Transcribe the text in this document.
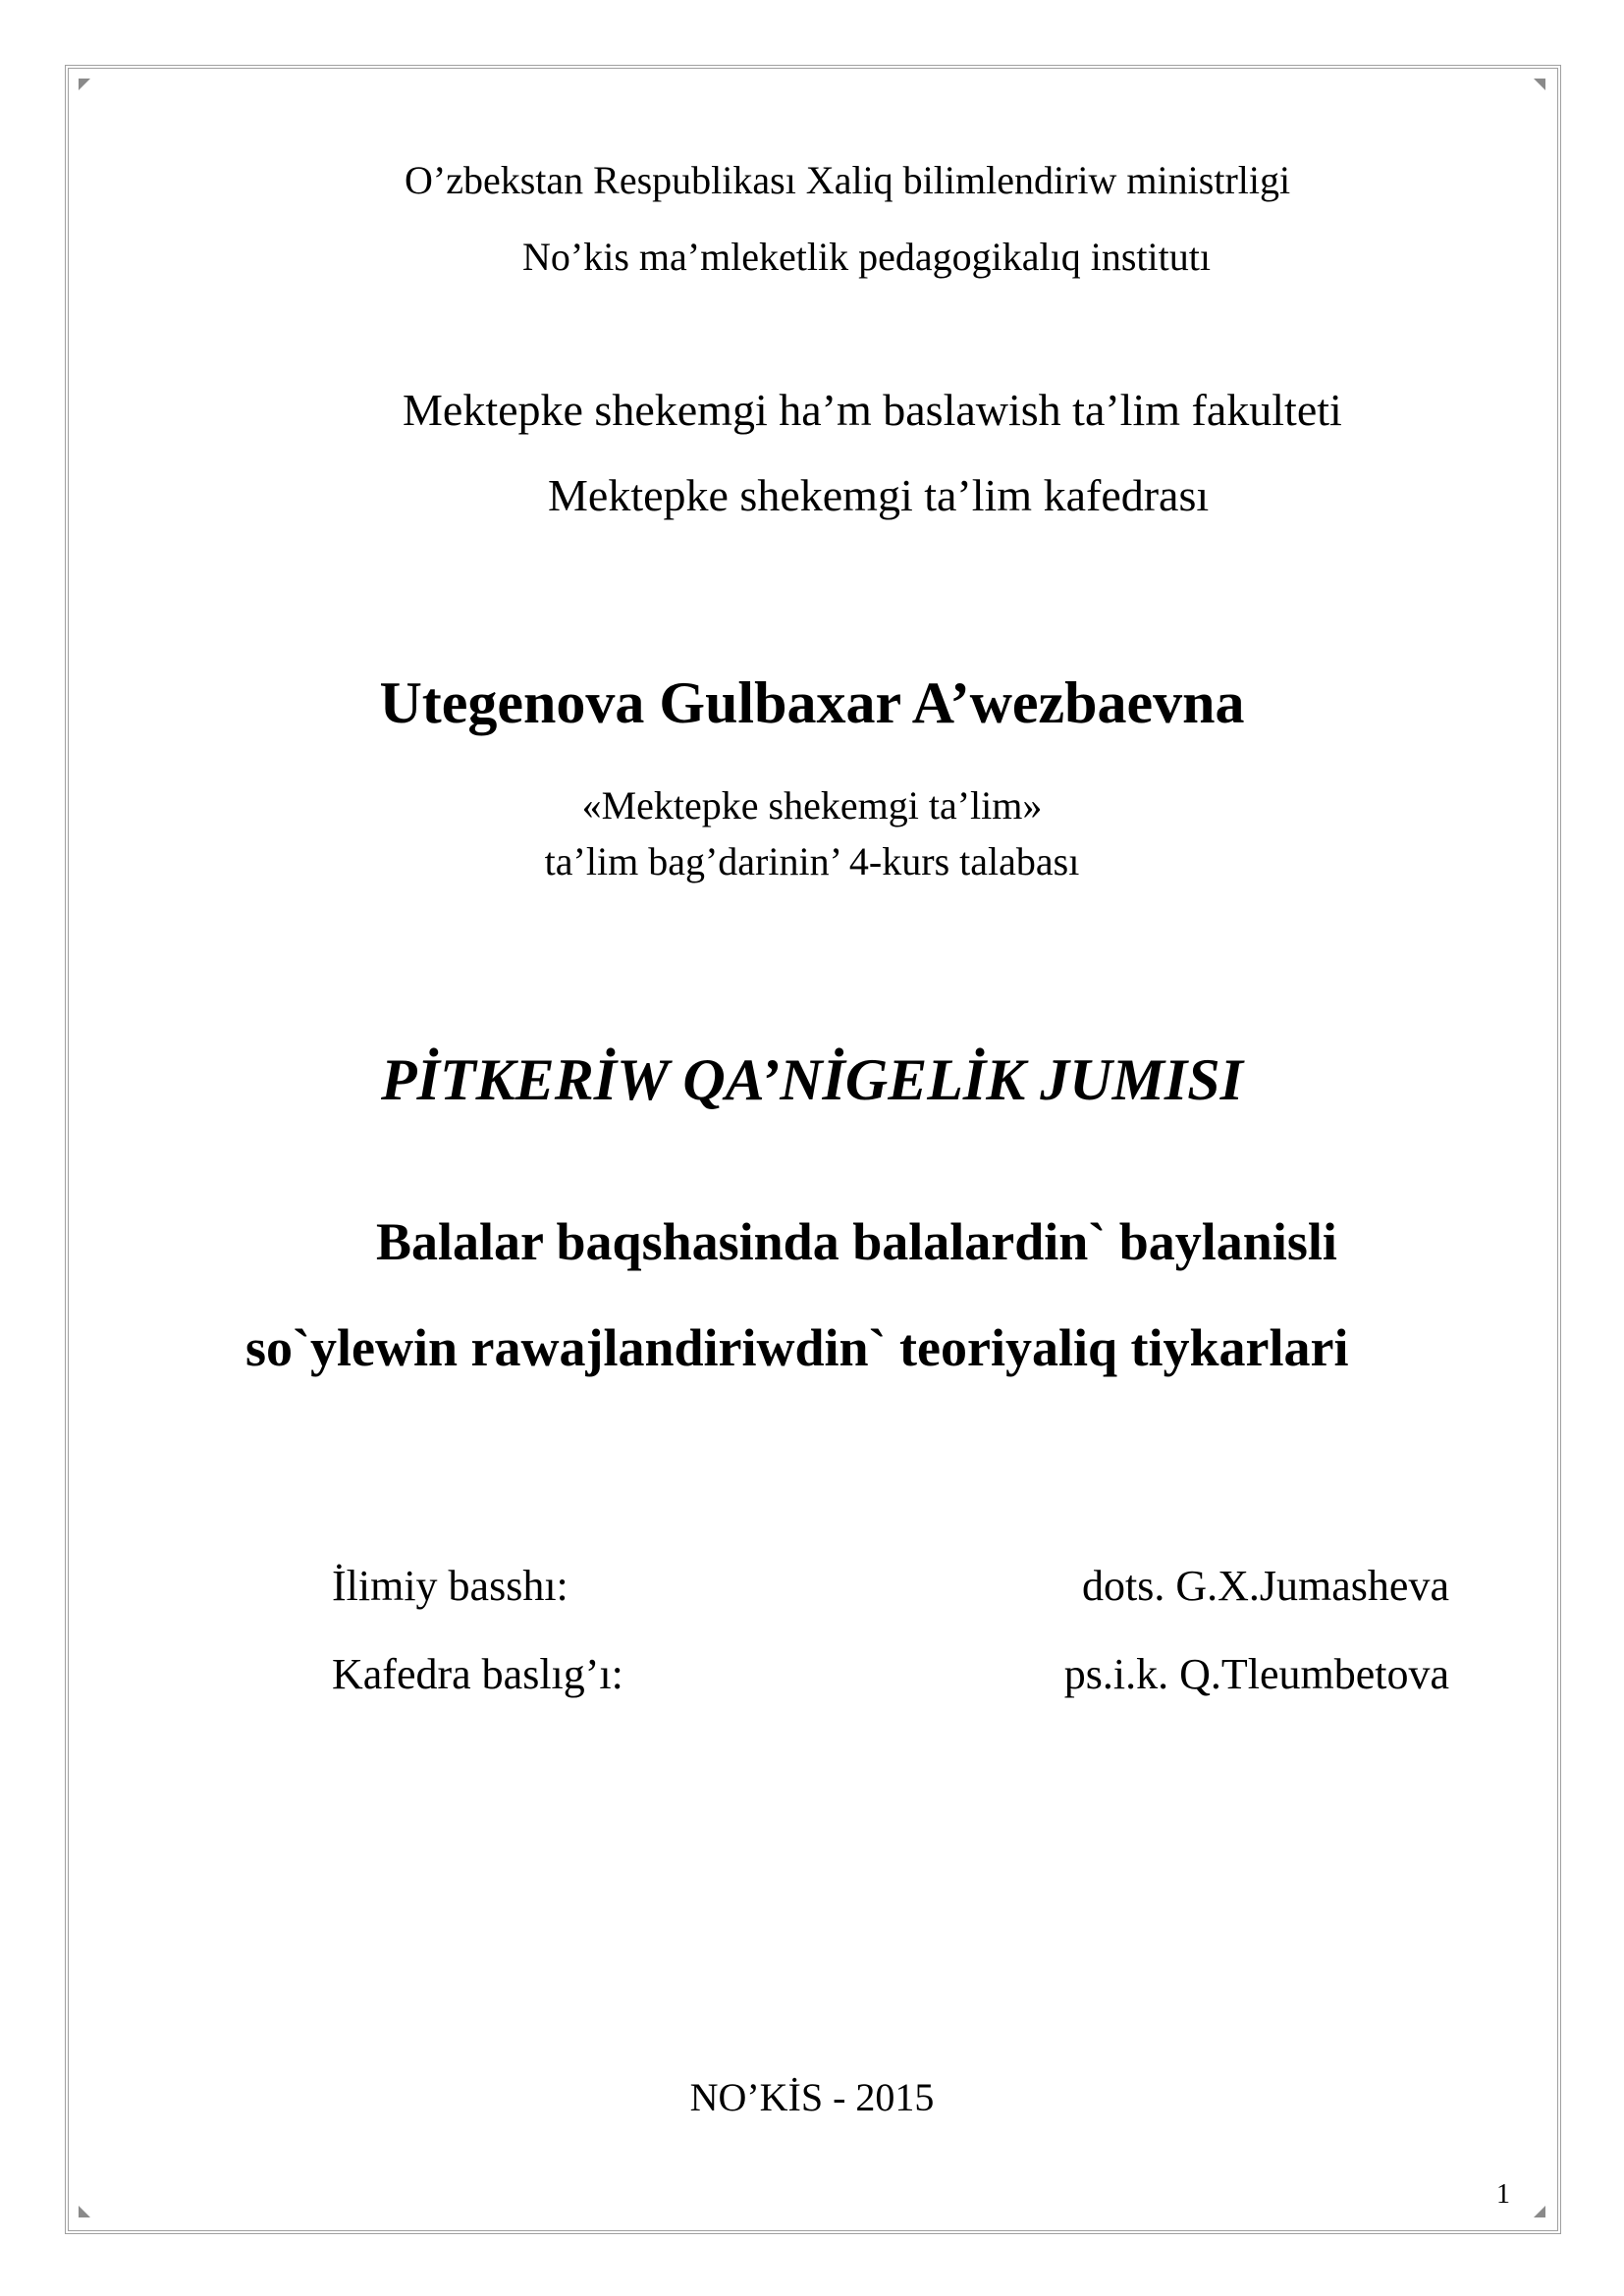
O’zbekstan Respublikası Xaliq bilimlendiriw ministrligi
No’kis ma’mleketlik pedagogikalıq institutı
Mektepke shekemgi ha’m baslawish ta’lim fakulteti
Mektepke shekemgi ta’lim kafedrası
Utegenova Gulbaxar A’wezbaevna
«Mektepke shekemgi ta’lim»
ta’lim bag’darinin’ 4-kurs talabası
PİTKERİW QA’NİGELİK JUMISI
Balalar baqshasinda balalardin` baylanisli
so`ylewin rawajlandiriwdin` teoriyaliq tiykarlari
İlimiy basshı:	dots. G.X.Jumasheva
Kafedra baslıg’ı:	ps.i.k. Q.Tleumbetova
NO’KİS - 2015
1
